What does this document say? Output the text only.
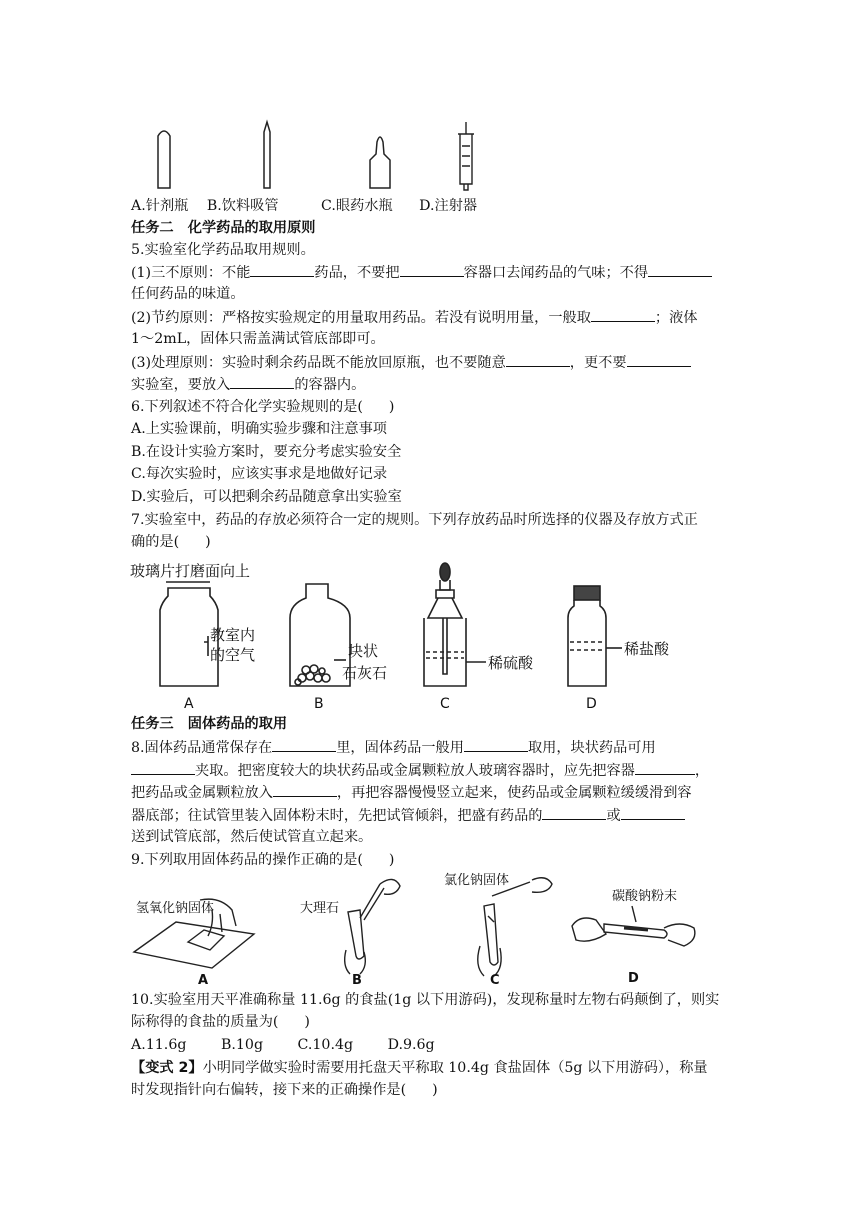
A.针剂瓶 B.饮料吸管	C.眼药水瓶 D.注射器
任务二　化学药品的取用原则
5.实验室化学药品取用规则。
(1)三不原则：不能	药品，不要把	容器口去闻药品的气味；不得
任何药品的味道。
(2)节约原则：严格按实验规定的用量取用药品。若没有说明用量，一般取	；液体
1～2mL，固体只需盖满试管底部即可。
(3)处理原则：实验时剩余药品既不能放回原瓶，也不要随意	，更不要
实验室，要放入	的容器内。
6.下列叙述不符合化学实验规则的是( )
A.上实验课前，明确实验步骤和注意事项
B.在设计实验方案时，要充分考虑实验安全
C.每次实验时，应该实事求是地做好记录
D.实验后，可以把剩余药品随意拿出实验室
7.实验室中，药品的存放必须符合一定的规则。下列存放药品时所选择的仪器及存放方式正
确的是( )
玻璃片打磨面向上
教室内
的空气
A
块状
石灰石
B
稀硫酸
C
稀盐酸
D
任务三　固体药品的取用
8.固体药品通常保存在	里，固体药品一般用	取用，块状药品可用
夹取。把密度较大的块状药品或金属颗粒放人玻璃容器时，应先把容器	，
把药品或金属颗粒放入	，再把容器慢慢竖立起来，使药品或金属颗粒缓缓滑到容
器底部；往试管里装入固体粉末时，先把试管倾斜，把盛有药品的	或
送到试管底部，然后使试管直立起来。
9.下列取用固体药品的操作正确的是( )
氢氧化钠固体
A
大理石
B
氯化钠固体
C
碳酸钠粉末
D
10.实验室用天平准确称量 11.6g 的食盐(1g 以下用游码)，发现称量时左物右码颠倒了，则实
际称得的食盐的质量为( )
A.11.6g B.10g C.10.4g D.9.6g
【变式 2】小明同学做实验时需要用托盘天平称取 10.4g 食盐固体（5g 以下用游码），称量
时发现指针向右偏转，接下来的正确操作是( )
